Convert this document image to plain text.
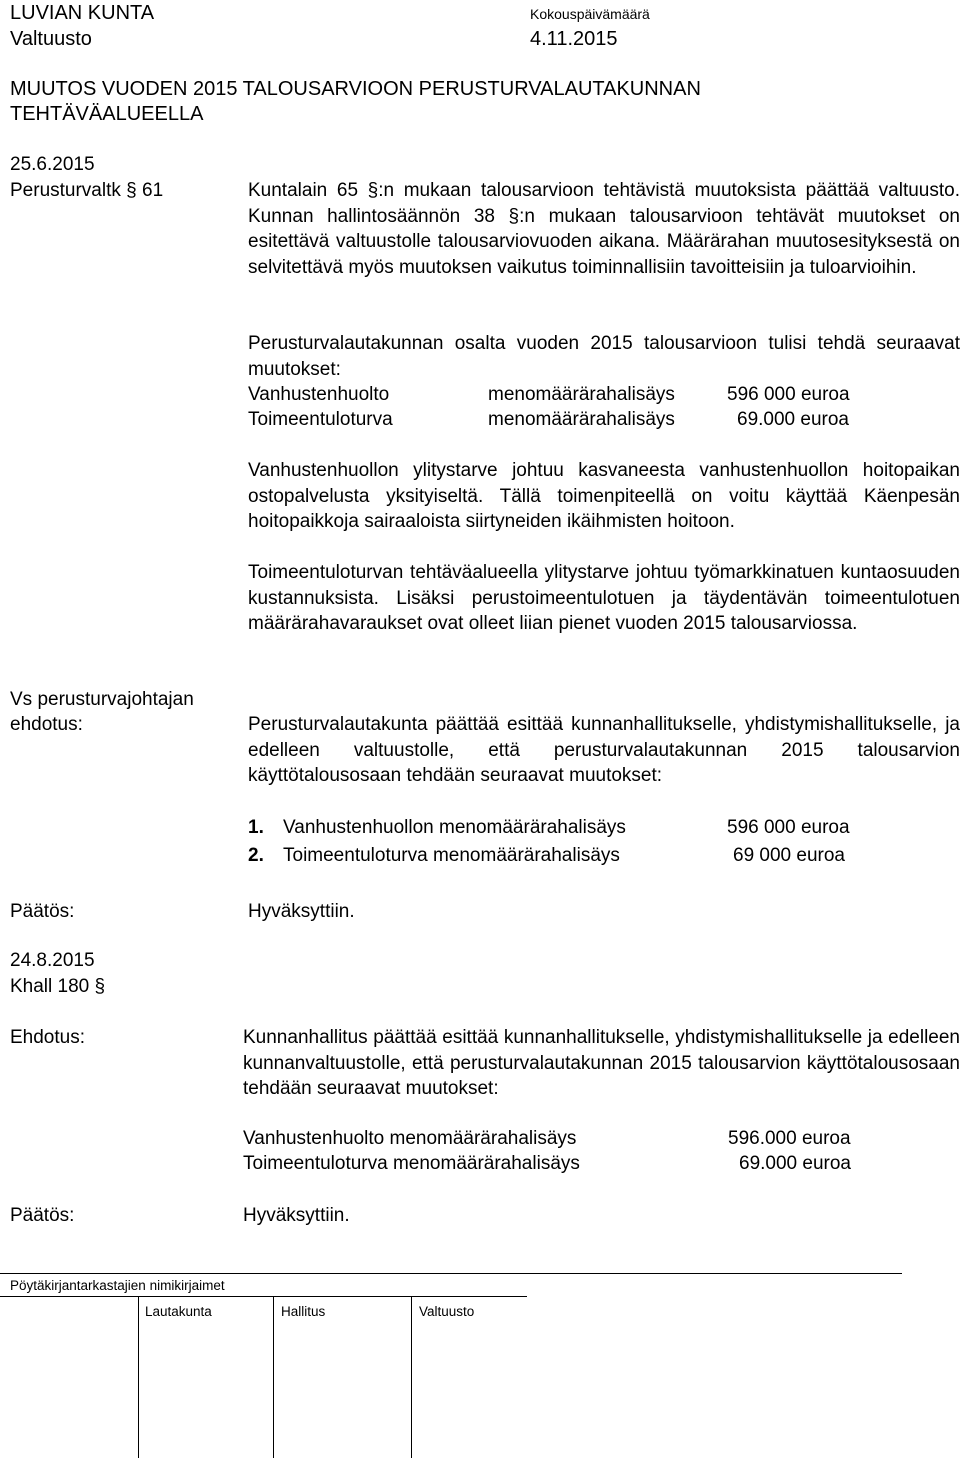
LUVIAN KUNTA
Valtuusto
Kokouspäivämäärä
4.11.2015
MUUTOS VUODEN 2015 TALOUSARVIOON PERUSTURVALAUTAKUNNAN
TEHTÄVÄALUEELLA
25.6.2015
Perusturvaltk § 61	Kuntalain 65 §:n mukaan talousarvioon tehtävistä muutoksista päättää valtuusto. Kunnan hallintosäännön 38 §:n mukaan talousarvioon tehtävät muutokset on esitettävä valtuustolle talousarviovuoden aikana. Määrärahan muutosesityksestä on selvitettävä myös muutoksen vaikutus toiminnallisiin tavoitteisiin ja tuloarvioihin.
Perusturvalautakunnan osalta vuoden 2015 talousarvioon tulisi tehdä seuraavat muutokset:
Vanhustenhuolto	menomäärärahalisäys	596 000 euroa
Toimeentuloturva	menomäärärahalisäys	69.000 euroa
Vanhustenhuollon ylitystarve johtuu kasvaneesta vanhustenhuollon hoitopaikan ostopalvelusta yksityiseltä. Tällä toimenpiteellä on voitu käyttää Käenpesän hoitopaikkoja sairaaloista siirtyneiden ikäihmisten hoitoon.
Toimeentuloturvan tehtäväalueella ylitystarve johtuu työmarkkinatuen kuntaosuuden kustannuksista. Lisäksi perustoimeentulotuen ja täydentävän toimeentulotuen määrärahavaraukset ovat olleet liian pienet vuoden 2015 talousarviossa.
Vs perusturvajohtajan
ehdotus:	Perusturvalautakunta päättää esittää kunnanhallitukselle, yhdistymishallitukselle, ja edelleen valtuustolle, että perusturvalautakunnan 2015 talousarvion käyttötalousosaan tehdään seuraavat muutokset:
1. Vanhustenhuollon menomäärärahalisäys	596 000 euroa
2. Toimeentuloturva menomäärärahalisäys	69 000 euroa
Päätös:	Hyväksyttiin.
24.8.2015
Khall 180 §
Ehdotus:	Kunnanhallitus päättää esittää kunnanhallitukselle, yhdistymishallitukselle ja edelleen kunnanvaltuustolle, että perusturvalautakunnan 2015 talousarvion käyttötalousosaan tehdään seuraavat muutokset:
Vanhustenhuolto menomäärärahalisäys	596.000 euroa
Toimeentuloturva menomäärärahalisäys	69.000 euroa
Päätös:	Hyväksyttiin.
Pöytäkirjantarkastajien nimikirjaimet
Lautakunta	Hallitus	Valtuusto
